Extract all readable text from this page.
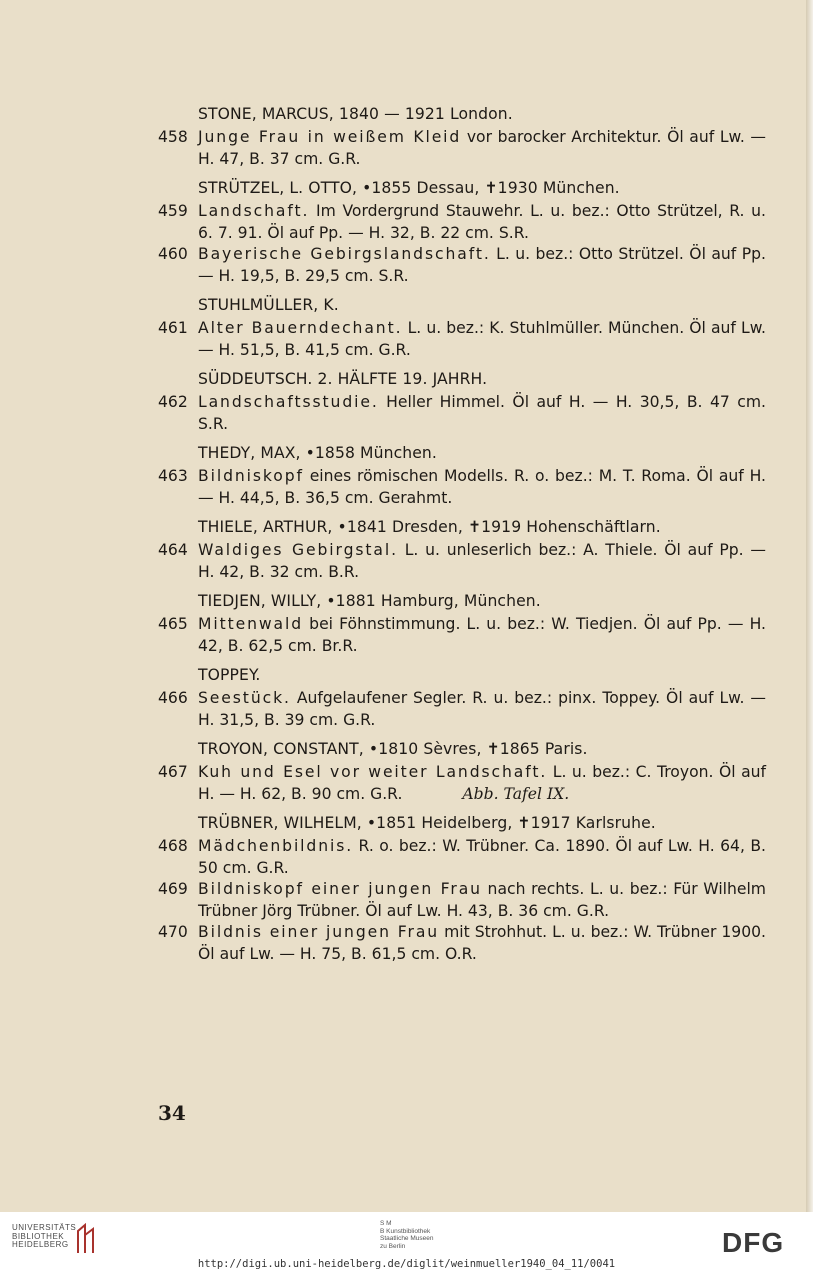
STONE, MARCUS, 1840 — 1921 London.
458 Junge Frau in weißem Kleid vor barocker Architektur. Öl auf Lw. — H. 47, B. 37 cm. G.R.
STRÜTZEL, L. OTTO, •1855 Dessau, ✝1930 München.
459 Landschaft. Im Vordergrund Stauwehr. L. u. bez.: Otto Strützel, R. u. 6. 7. 91. Öl auf Pp. — H. 32, B. 22 cm. S.R.
460 Bayerische Gebirgslandschaft. L. u. bez.: Otto Strützel. Öl auf Pp. — H. 19,5, B. 29,5 cm. S.R.
STUHLMÜLLER, K.
461 Alter Bauerndechant. L. u. bez.: K. Stuhlmüller. München. Öl auf Lw. — H. 51,5, B. 41,5 cm. G.R.
SÜDDEUTSCH. 2. HÄLFTE 19. JAHRH.
462 Landschaftsstudie. Heller Himmel. Öl auf H. — H. 30,5, B. 47 cm. S.R.
THEDY, MAX, •1858 München.
463 Bildniskopf eines römischen Modells. R. o. bez.: M. T. Roma. Öl auf H. — H. 44,5, B. 36,5 cm. Gerahmt.
THIELE, ARTHUR, •1841 Dresden, ✝1919 Hohenschäftlarn.
464 Waldiges Gebirgstal. L. u. unleserlich bez.: A. Thiele. Öl auf Pp. — H. 42, B. 32 cm. B.R.
TIEDJEN, WILLY, •1881 Hamburg, München.
465 Mittenwald bei Föhnstimmung. L. u. bez.: W. Tiedjen. Öl auf Pp. — H. 42, B. 62,5 cm. Br.R.
TOPPEY.
466 Seestück. Aufgelaufener Segler. R. u. bez.: pinx. Toppey. Öl auf Lw. — H. 31,5, B. 39 cm. G.R.
TROYON, CONSTANT, •1810 Sèvres, ✝1865 Paris.
467 Kuh und Esel vor weiter Landschaft. L. u. bez.: C. Troyon. Öl auf H. — H. 62, B. 90 cm. G.R.	Abb. Tafel IX.
TRÜBNER, WILHELM, •1851 Heidelberg, ✝1917 Karlsruhe.
468 Mädchenbildnis. R. o. bez.: W. Trübner. Ca. 1890. Öl auf Lw. H. 64, B. 50 cm. G.R.
469 Bildniskopf einer jungen Frau nach rechts. L. u. bez.: Für Wilhelm Trübner Jörg Trübner. Öl auf Lw. H. 43, B. 36 cm. G.R.
470 Bildnis einer jungen Frau mit Strohhut. L. u. bez.: W. Trübner 1900. Öl auf Lw. — H. 75, B. 61,5 cm. O.R.
34
UNIVERSITÄTS
BIBLIOTHEK
HEIDELBERG
S M
B Kunstbibliothek
Staatliche Museen
zu Berlin	DFG
http://digi.ub.uni-heidelberg.de/diglit/weinmueller1940_04_11/0041
